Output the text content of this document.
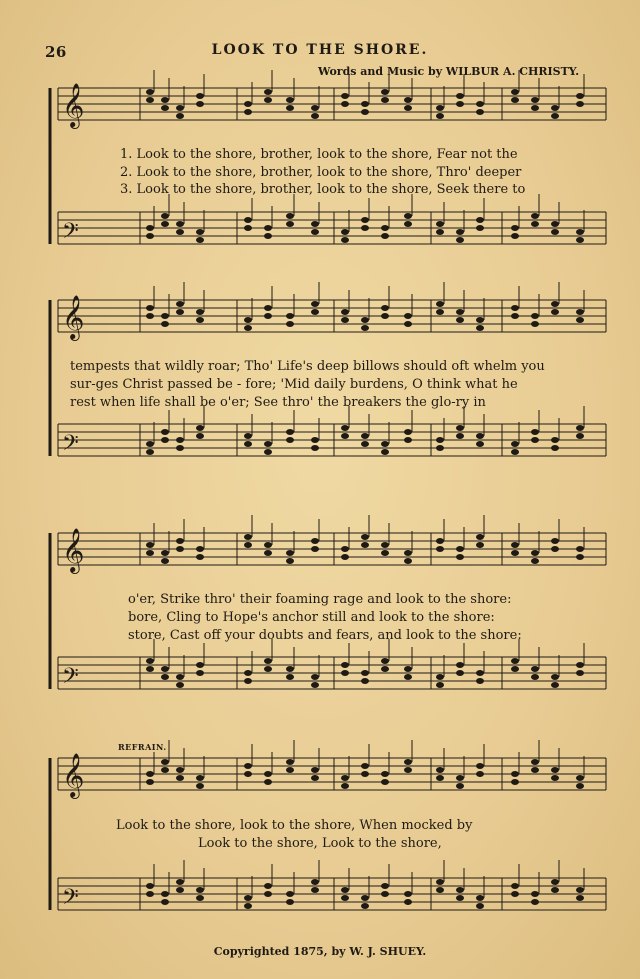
26	LOOK TO THE SHORE.
Words and Music by WILBUR A. CHRISTY.
𝄞
𝄢
𝄞
𝄢
𝄞
𝄢
𝄞
𝄢
1. Look to the shore, brother, look to the shore, Fear not the
2. Look to the shore, brother, look to the shore, Thro' deeper
3. Look to the shore, brother, look to the shore, Seek there to
tempests that wildly roar; Tho' Life's deep billows should oft whelm you
sur-ges Christ passed be - fore; 'Mid daily burdens, O think what he
rest when life shall be o'er; See thro' the breakers the glo-ry in
o'er, Strike thro' their foaming rage and look to the shore:
bore, Cling to Hope's anchor still and look to the shore:
store, Cast off your doubts and fears, and look to the shore:
REFRAIN.
Look to the shore, look to the shore, When mocked by
Look to the shore, Look to the shore,
Copyrighted 1875, by W. J. SHUEY.
